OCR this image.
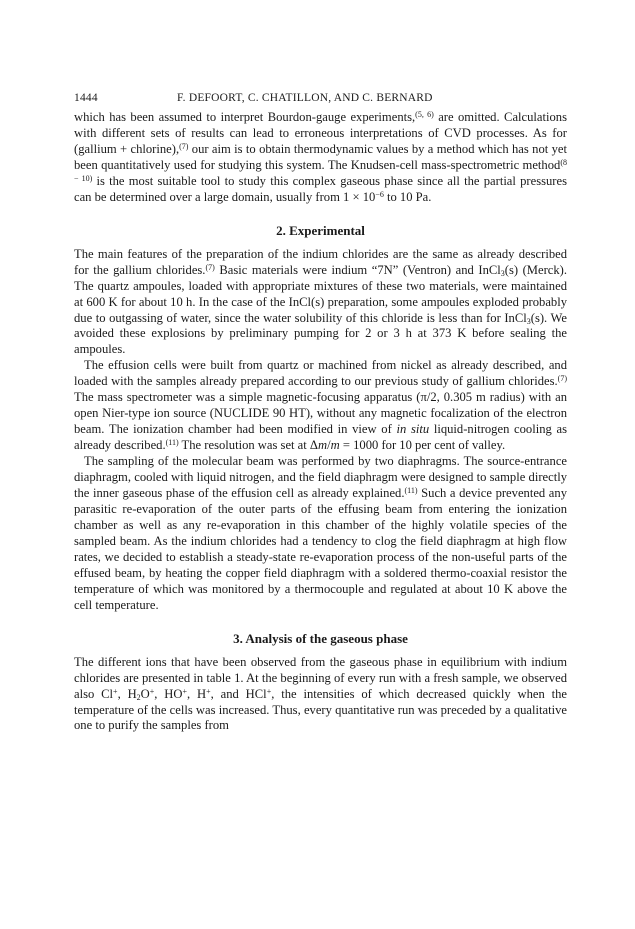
1444	F. DEFOORT, C. CHATILLON, AND C. BERNARD

which has been assumed to interpret Bourdon-gauge experiments,$^{(5, 6)}$ are omitted. Calculations with different sets of results can lead to erroneous interpretations of CVD processes. As for (gallium + chlorine),$^{(7)}$ our aim is to obtain thermodynamic values by a method which has not yet been quantitatively used for studying this system. The Knudsen-cell mass-spectrometric method$^{(8 - 10)}$ is the most suitable tool to study this complex gaseous phase since all the partial pressures can be determined over a large domain, usually from $1 \times 10^{-6}$ to 10 Pa.

2. Experimental

The main features of the preparation of the indium chlorides are the same as already described for the gallium chlorides.$^{(7)}$ Basic materials were indium “7N” (Ventron) and InCl$_3$(s) (Merck). The quartz ampoules, loaded with appropriate mixtures of these two materials, were maintained at 600 K for about 10 h. In the case of the InCl(s) preparation, some ampoules exploded probably due to outgassing of water, since the water solubility of this chloride is less than for InCl$_3$(s). We avoided these explosions by preliminary pumping for 2 or 3 h at 373 K before sealing the ampoules.

The effusion cells were built from quartz or machined from nickel as already described, and loaded with the samples already prepared according to our previous study of gallium chlorides.$^{(7)}$ The mass spectrometer was a simple magnetic-focusing apparatus (π/2, 0.305 m radius) with an open Nier-type ion source (NUCLIDE 90 HT), without any magnetic focalization of the electron beam. The ionization chamber had been modified in view of in situ liquid-nitrogen cooling as already described.$^{(11)}$ The resolution was set at Δm/m = 1000 for 10 per cent of valley.

The sampling of the molecular beam was performed by two diaphragms. The source-entrance diaphragm, cooled with liquid nitrogen, and the field diaphragm were designed to sample directly the inner gaseous phase of the effusion cell as already explained.$^{(11)}$ Such a device prevented any parasitic re-evaporation of the outer parts of the effusing beam from entering the ionization chamber as well as any re-evaporation in this chamber of the highly volatile species of the sampled beam. As the indium chlorides had a tendency to clog the field diaphragm at high flow rates, we decided to establish a steady-state re-evaporation process of the non-useful parts of the effused beam, by heating the copper field diaphragm with a soldered thermo-coaxial resistor the temperature of which was monitored by a thermocouple and regulated at about 10 K above the cell temperature.

3. Analysis of the gaseous phase

The different ions that have been observed from the gaseous phase in equilibrium with indium chlorides are presented in table 1. At the beginning of every run with a fresh sample, we observed also Cl+, $H_2O^+$, HO+, H+, and HCl+, the intensities of which decreased quickly when the temperature of the cells was increased. Thus, every quantitative run was preceded by a qualitative one to purify the samples from
